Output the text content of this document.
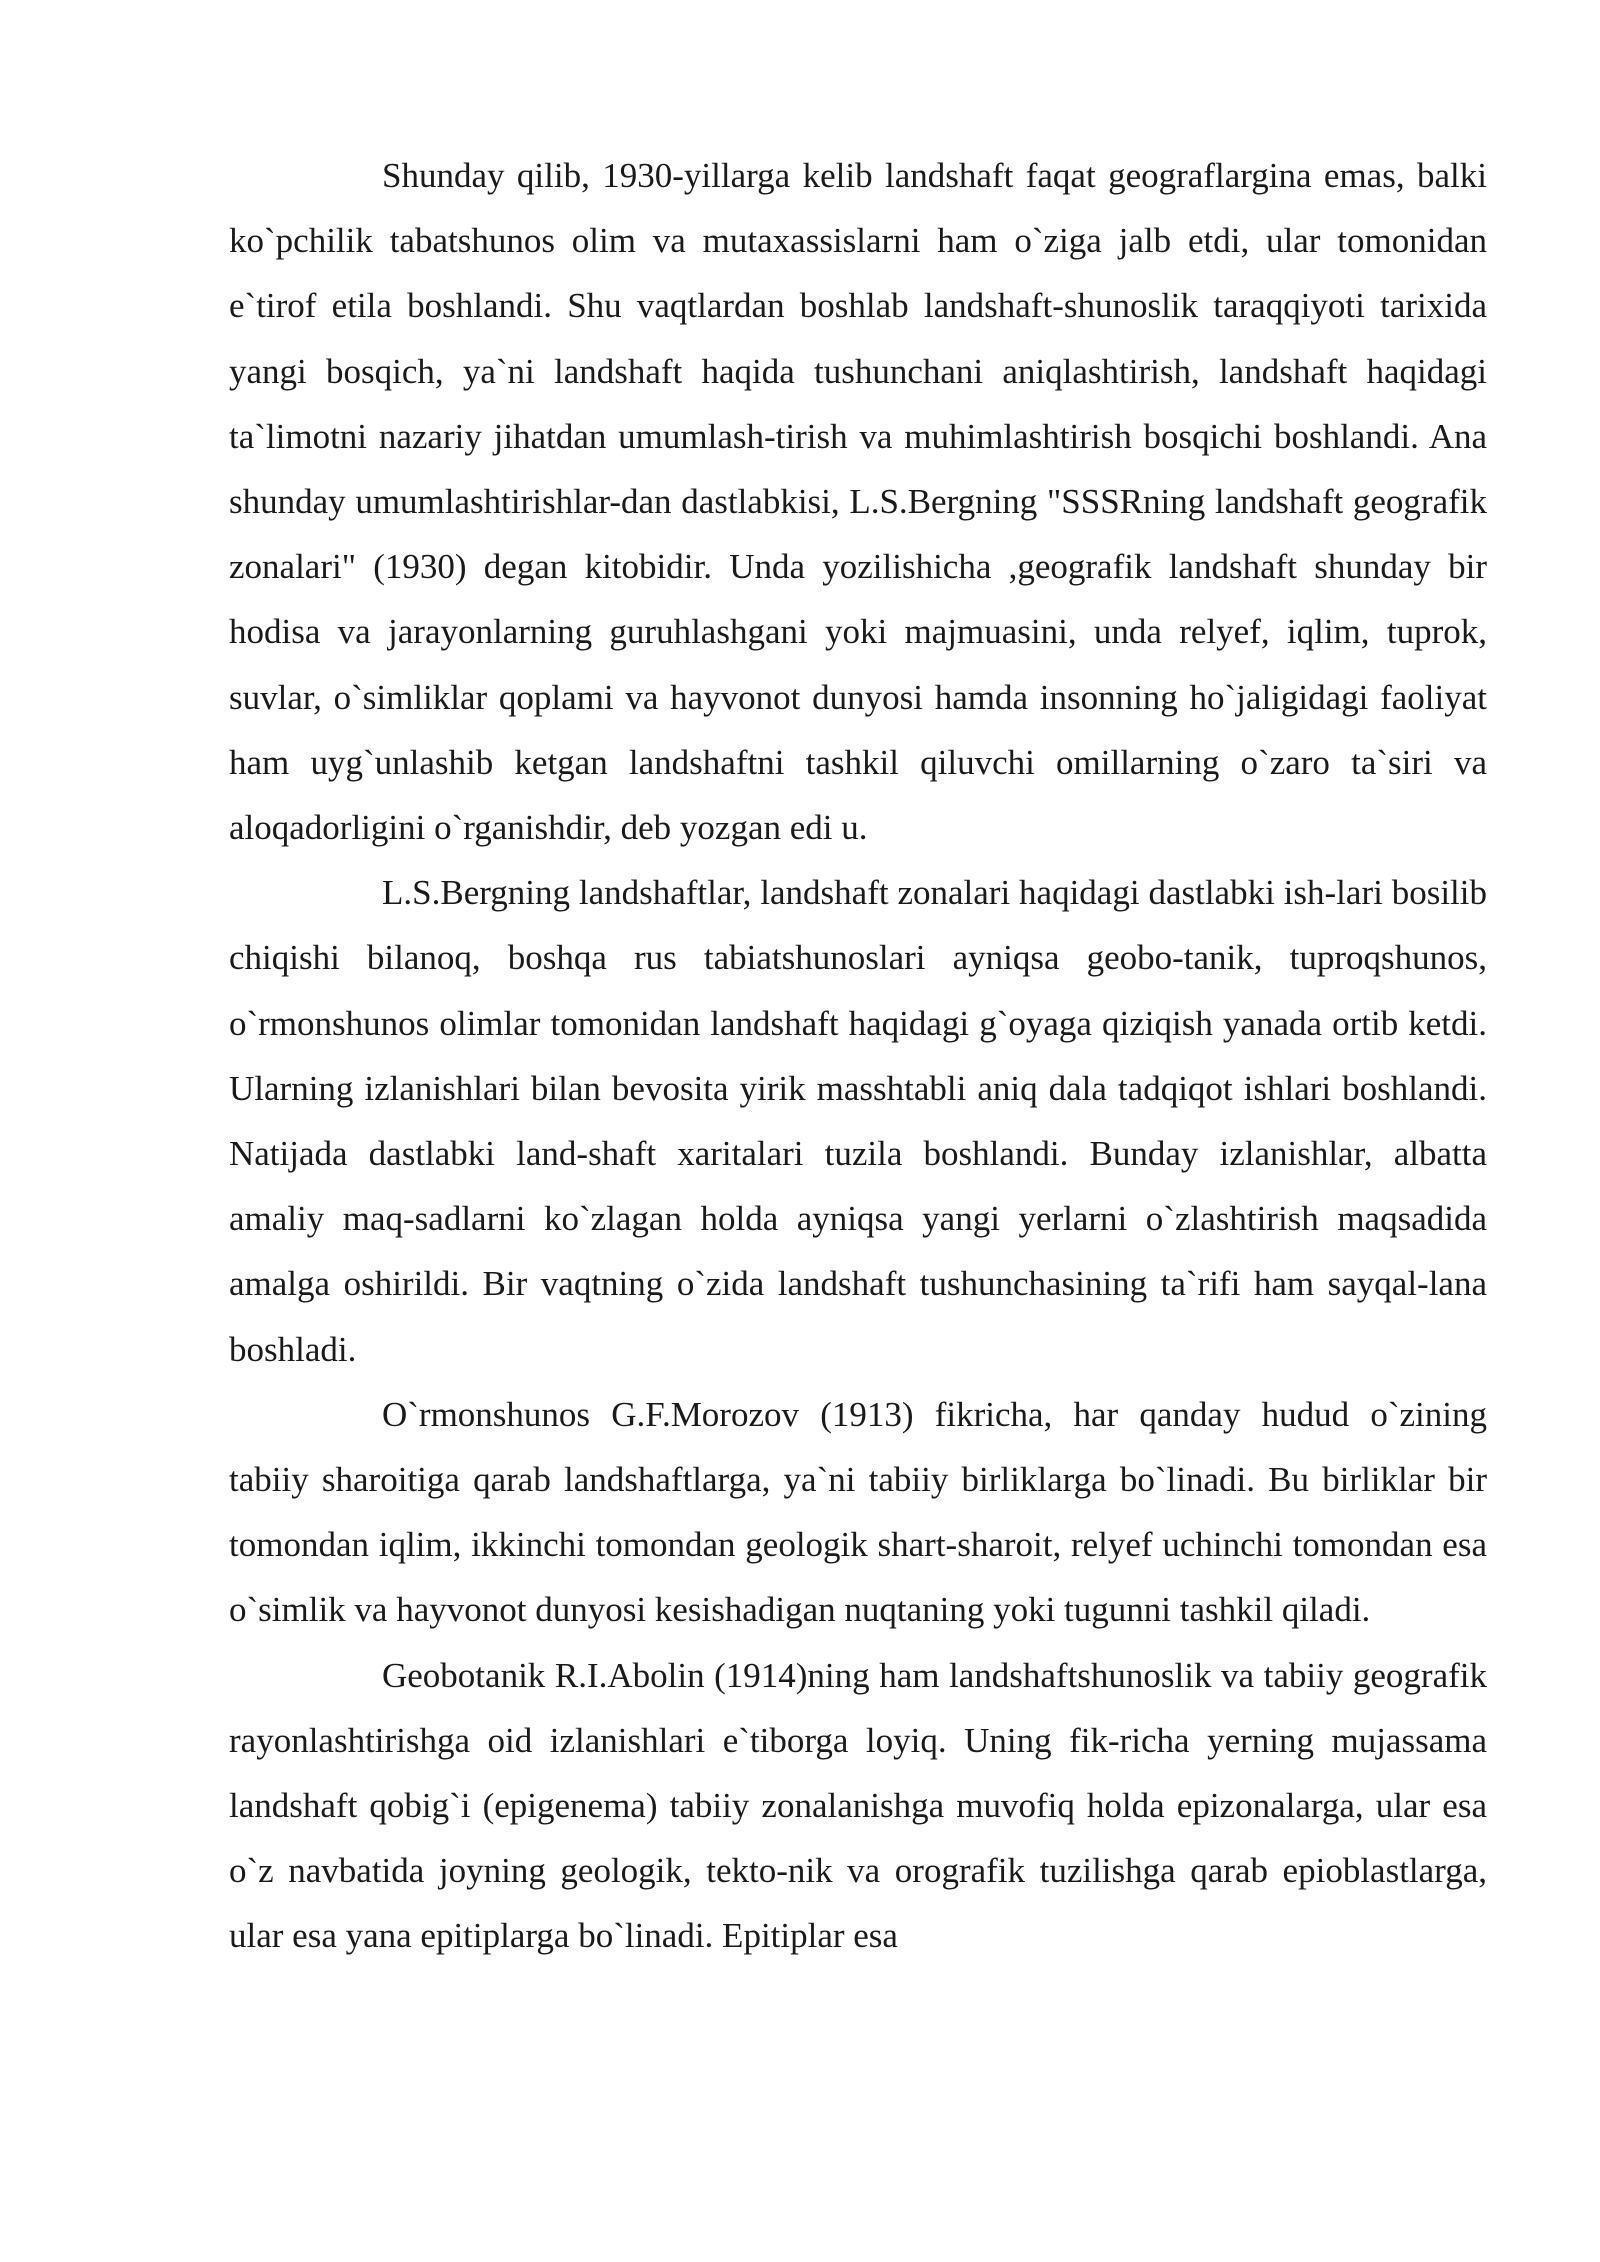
Shunday qilib, 1930-yillarga kelib landshaft faqat geograflargina emas, balki ko`pchilik tabatshunos olim va mutaxassislarni ham o`ziga jalb etdi, ular tomonidan e`tirof etila boshlandi. Shu vaqtlardan boshlab landshaft-shunoslik taraqqiyoti tarixida yangi bosqich, ya`ni landshaft haqida tushunchani aniqlashtirish, landshaft haqidagi ta`limotni nazariy jihatdan umumlash-tirish va muhimlashtirish bosqichi boshlandi. Ana shunday umumlashtirishlar-dan dastlabkisi, L.S.Bergning "SSSRning landshaft geografik zonalari" (1930) degan kitobidir. Unda yozilishicha ,geografik landshaft shunday bir hodisa va jarayonlarning guruhlashgani yoki majmuasini, unda relyef, iqlim, tuprok, suvlar, o`simliklar qoplami va hayvonot dunyosi hamda insonning ho`jaligidagi faoliyat ham uyg`unlashib ketgan landshaftni tashkil qiluvchi omillarning o`zaro ta`siri va aloqadorligini o`rganishdir, deb yozgan edi u.

L.S.Bergning landshaftlar, landshaft zonalari haqidagi dastlabki ish-lari bosilib chiqishi bilanoq, boshqa rus tabiatshunoslari ayniqsa geobo-tanik, tuproqshunos, o`rmonshunos olimlar tomonidan landshaft haqidagi g`oyaga qiziqish yanada ortib ketdi. Ularning izlanishlari bilan bevosita yirik masshtabli aniq dala tadqiqot ishlari boshlandi. Natijada dastlabki land-shaft xaritalari tuzila boshlandi. Bunday izlanishlar, albatta amaliy maq-sadlarni ko`zlagan holda ayniqsa yangi yerlarni o`zlashtirish maqsadida amalga oshirildi. Bir vaqtning o`zida landshaft tushunchasining ta`rifi ham sayqal-lana boshladi.

O`rmonshunos G.F.Morozov (1913) fikricha, har qanday hudud o`zining tabiiy sharoitiga qarab landshaftlarga, ya`ni tabiiy birliklarga bo`linadi. Bu birliklar bir tomondan iqlim, ikkinchi tomondan geologik shart-sharoit, relyef uchinchi tomondan esa o`simlik va hayvonot dunyosi kesishadigan nuqtaning yoki tugunni tashkil qiladi.

Geobotanik R.I.Abolin (1914)ning ham landshaftshunoslik va tabiiy geografik rayonlashtirishga oid izlanishlari e`tiborga loyiq. Uning fik-richa yerning mujassama landshaft qobig`i (epigenema) tabiiy zonalanishga muvofiq holda epizonalarga, ular esa o`z navbatida joyning geologik, tekto-nik va orografik tuzilishga qarab epioblastlarga, ular esa yana epitiplarga bo`linadi. Epitiplar esa
